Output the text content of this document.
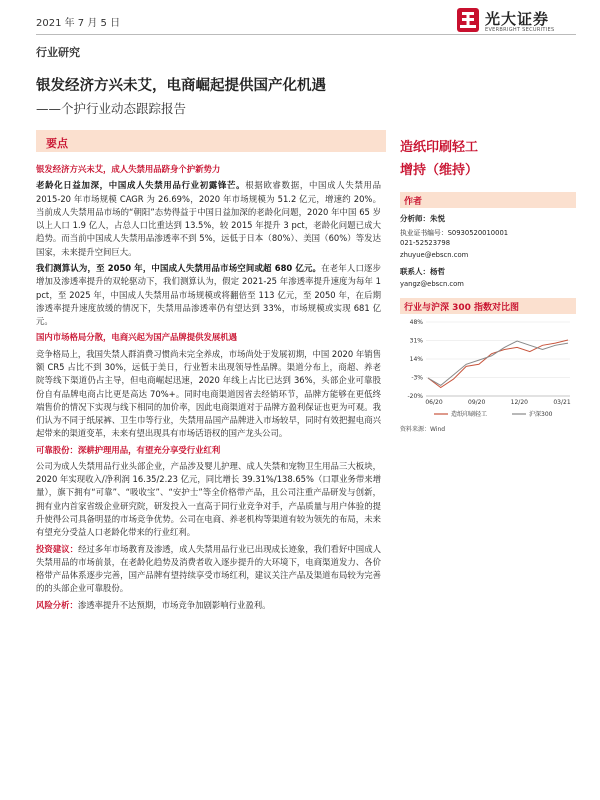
2021 年 7 月 5 日	光大证券
EVERBRIGHT SECURITIES
行业研究
银发经济方兴未艾，电商崛起提供国产化机遇
——个护行业动态跟踪报告
要点
银发经济方兴未艾，成人失禁用品跻身个护新势力

老龄化日益加深，中国成人失禁用品行业初露锋芒。根据欧睿数据，中国成人失禁用品 2015-20 年市场规模 CAGR 为 26.69%，2020 年市场规模为 51.2 亿元，增速约 20%。当前成人失禁用品市场的“朝阳”态势得益于中国日益加深的老龄化问题，2020 年中国 65 岁以上人口 1.9 亿人，占总人口比重达到 13.5%，较 2015 年提升 3 pct，老龄化问题已成大趋势。而当前中国成人失禁用品渗透率不到 5%，远低于日本（80%）、美国（60%）等发达国家，未来提升空间巨大。

我们测算认为，至 2050 年，中国成人失禁用品市场空间或超 680 亿元。在老年人口逐步增加及渗透率提升的双轮驱动下，我们测算认为，假定 2021-25 年渗透率提升速度为每年 1 pct，至 2025 年，中国成人失禁用品市场规模或将翻倍至 113 亿元，至 2050 年，在后期渗透率提升速度放缓的情况下，失禁用品渗透率仍有望达到 33%，市场规模或实现 681 亿元。

国内市场格局分散，电商兴起为国产品牌提供发展机遇

竞争格局上，我国失禁人群消费习惯尚未完全养成，市场尚处于发展初期，中国 2020 年销售额 CR5 占比不到 30%，远低于美日，行业暂未出现领导性品牌。渠道分布上，商超、养老院等线下渠道仍占主导，但电商崛起迅速，2020 年线上占比已达到 36%，头部企业可靠股份自有品牌电商占比更是高达 70%+。同时电商渠道因省去经销环节，品牌方能够在更低终端售价的情况下实现与线下相同的加价率，因此电商渠道对于品牌方盈利保证也更为可观。我们认为不同于纸尿裤、卫生巾等行业，失禁用品国产品牌进入市场较早，同时有效把握电商兴起带来的渠道变革，未来有望出现具有市场话语权的国产龙头公司。

可靠股份：深耕护理用品，有望充分享受行业红利

公司为成人失禁用品行业头部企业，产品涉及婴儿护理、成人失禁和宠物卫生用品三大板块，2020 年实现收入/净利润 16.35/2.23 亿元，同比增长 39.31%/138.65%（口罩业务带来增量），旗下拥有“可靠”、“吸收宝”、“安护士”等全价格带产品，且公司注重产品研发与创新，拥有业内首家省级企业研究院，研发投入一直高于同行业竞争对手，产品质量与用户体验的提升使得公司具备明显的市场竞争优势。公司在电商、养老机构等渠道有较为领先的布局，未来有望充分受益人口老龄化带来的行业红利。

投资建议：经过多年市场教育及渗透，成人失禁用品行业已出现成长迹象，我们看好中国成人失禁用品的市场前景，在老龄化趋势及消费者收入逐步提升的大环境下，电商渠道发力、各价格带产品体系逐步完善，国产品牌有望持续享受市场红利，建议关注产品及渠道布局较为完善的的头部企业可靠股份。

风险分析：渗透率提升不达预期，市场竞争加剧影响行业盈利。

造纸印刷轻工
增持（维持）
作者
分析师：朱悦
执业证书编号：S0930520010001
021-52523798
zhuyue@ebscn.com
联系人：杨哲
yangz@ebscn.com
行业与沪深 300 指数对比图
-20%
-3%
14%
31%
48%
06/20	09/20	12/20	03/21
造纸印刷轻工	沪深300
资料来源：Wind
